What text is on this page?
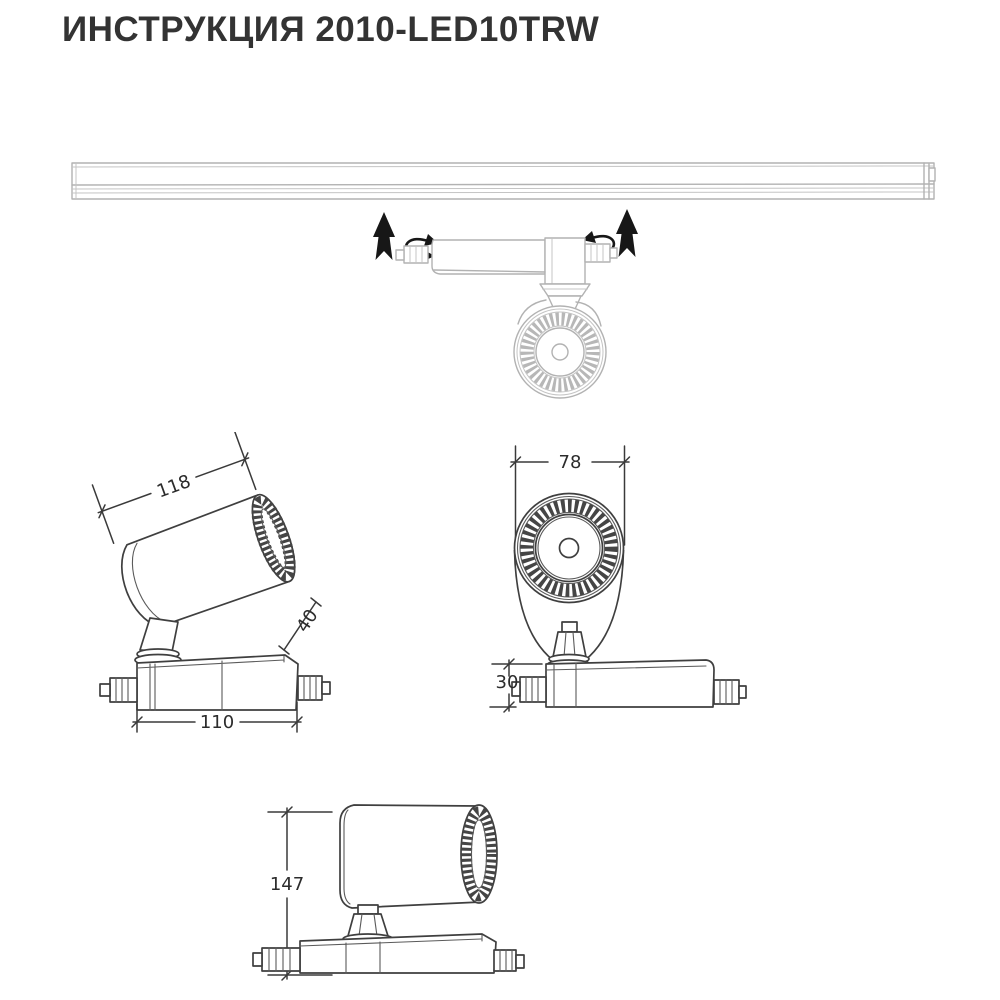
ИНСТРУКЦИЯ 2010-LED10TRW
118
40
110
78
30
147
